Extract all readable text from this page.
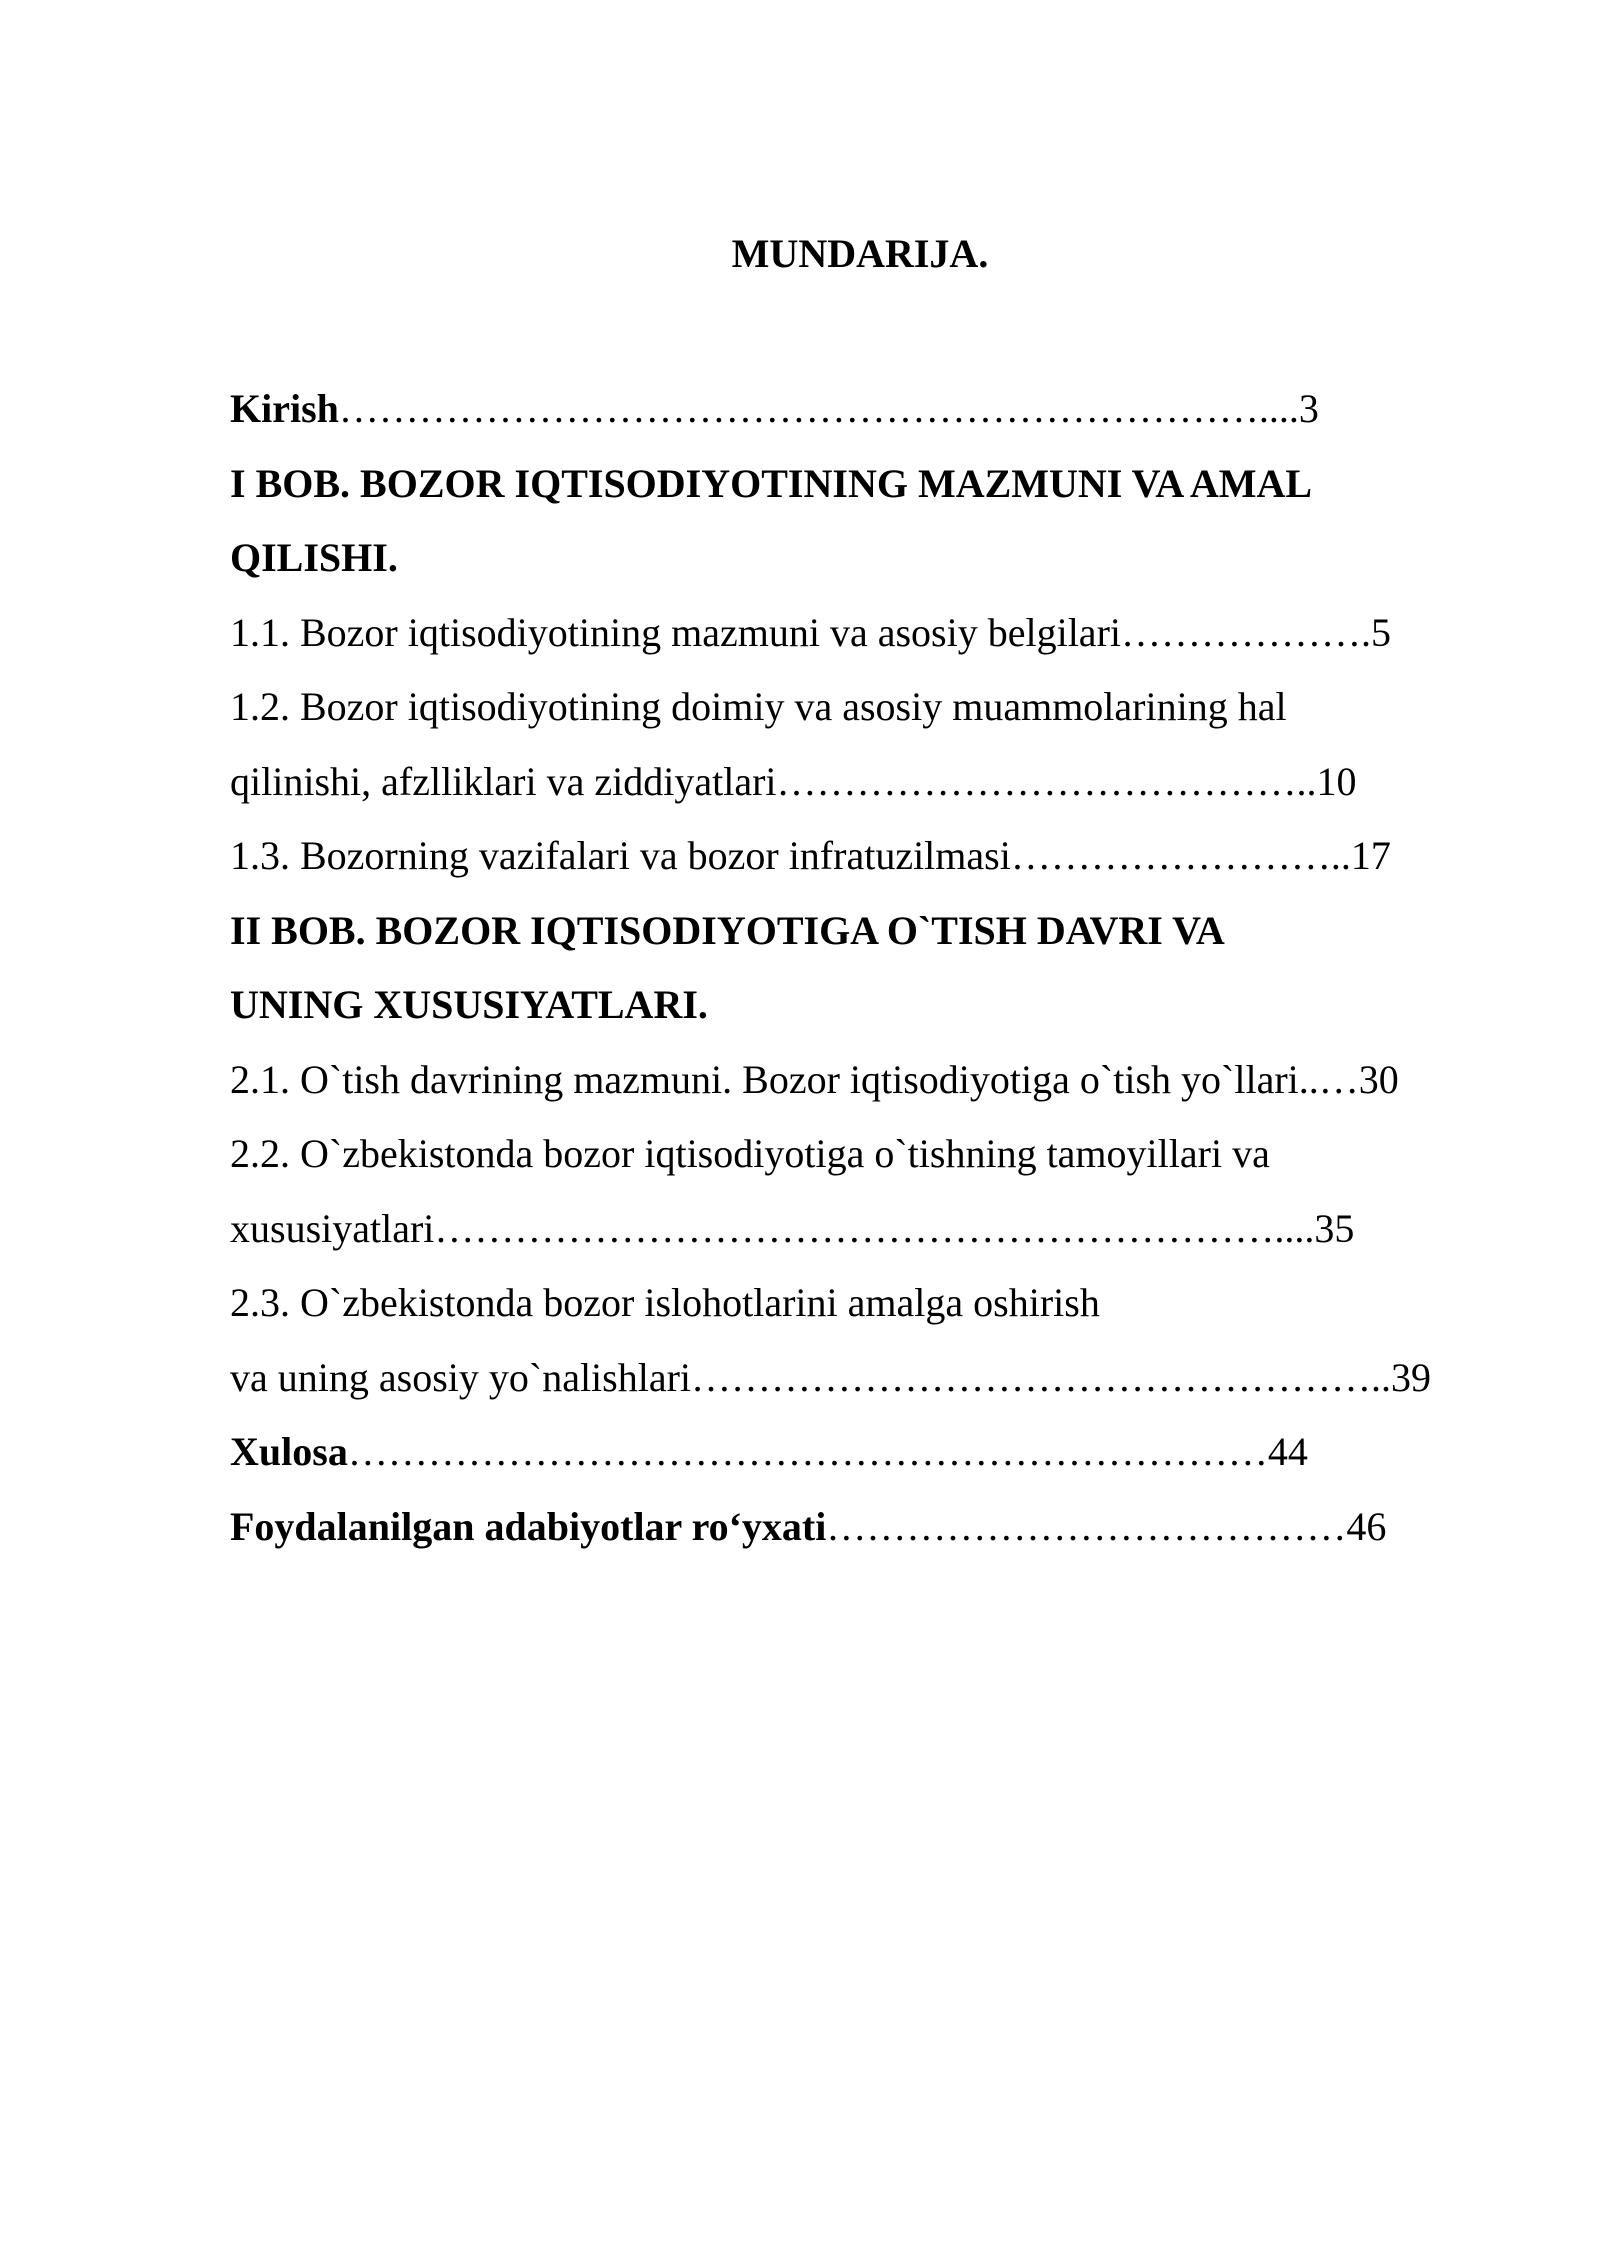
MUNDARIJA.
Kirish……………………………………………………………....3
I BOB. BOZOR IQTISODIYOTINING MAZMUNI VA AMAL
QILISHI.
1.1. Bozor iqtisodiyotining mazmuni va asosiy belgilari……………….5
1.2. Bozor iqtisodiyotining doimiy va asosiy muammolarining hal
qilinishi, afzlliklari va ziddiyatlari…………………………………..10
1.3. Bozorning vazifalari va bozor infratuzilmasi……………………..17
II BOB. BOZOR IQTISODIYOTIGA O`TISH DAVRI VA
UNING XUSUSIYATLARI.
2.1. O`tish davrining mazmuni. Bozor iqtisodiyotiga o`tish yo`llari..…30
2.2. O`zbekistonda bozor iqtisodiyotiga o`tishning tamoyillari va
xususiyatlari………………………………………………………....35
2.3. O`zbekistonda bozor islohotlarini amalga oshirish
va uning asosiy yo`nalishlari……………………………………………..39
Xulosa……………………………………………………………44
Foydalanilgan adabiyotlar ro‘yxati…………………………………46
